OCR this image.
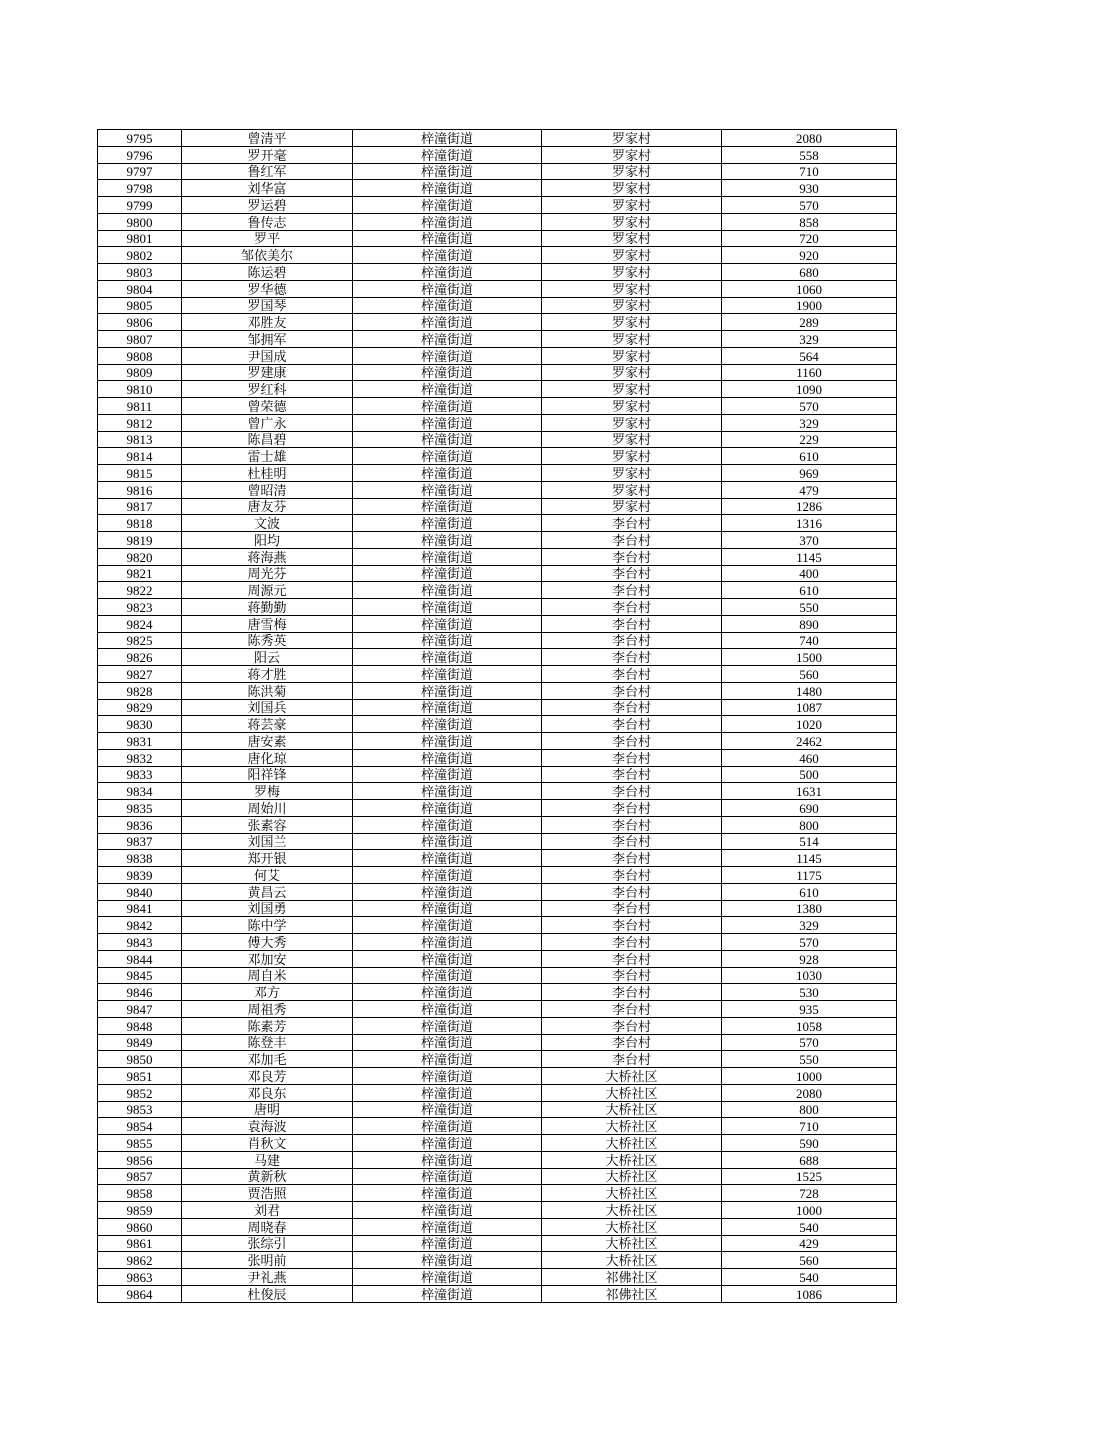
9795	曾清平	梓潼街道	罗家村	2080
9796	罗开毫	梓潼街道	罗家村	558
9797	鲁红军	梓潼街道	罗家村	710
9798	刘华富	梓潼街道	罗家村	930
9799	罗运碧	梓潼街道	罗家村	570
9800	鲁传志	梓潼街道	罗家村	858
9801	罗平	梓潼街道	罗家村	720
9802	邹依美尔	梓潼街道	罗家村	920
9803	陈运碧	梓潼街道	罗家村	680
9804	罗华德	梓潼街道	罗家村	1060
9805	罗国琴	梓潼街道	罗家村	1900
9806	邓胜友	梓潼街道	罗家村	289
9807	邹拥军	梓潼街道	罗家村	329
9808	尹国成	梓潼街道	罗家村	564
9809	罗建康	梓潼街道	罗家村	1160
9810	罗红科	梓潼街道	罗家村	1090
9811	曾荣德	梓潼街道	罗家村	570
9812	曾广永	梓潼街道	罗家村	329
9813	陈昌碧	梓潼街道	罗家村	229
9814	雷士雄	梓潼街道	罗家村	610
9815	杜桂明	梓潼街道	罗家村	969
9816	曾昭清	梓潼街道	罗家村	479
9817	唐友芬	梓潼街道	罗家村	1286
9818	文波	梓潼街道	李台村	1316
9819	阳均	梓潼街道	李台村	370
9820	蒋海燕	梓潼街道	李台村	1145
9821	周光芬	梓潼街道	李台村	400
9822	周源元	梓潼街道	李台村	610
9823	蒋勤勤	梓潼街道	李台村	550
9824	唐雪梅	梓潼街道	李台村	890
9825	陈秀英	梓潼街道	李台村	740
9826	阳云	梓潼街道	李台村	1500
9827	蒋才胜	梓潼街道	李台村	560
9828	陈洪菊	梓潼街道	李台村	1480
9829	刘国兵	梓潼街道	李台村	1087
9830	蒋芸豪	梓潼街道	李台村	1020
9831	唐安素	梓潼街道	李台村	2462
9832	唐化琼	梓潼街道	李台村	460
9833	阳祥锋	梓潼街道	李台村	500
9834	罗梅	梓潼街道	李台村	1631
9835	周始川	梓潼街道	李台村	690
9836	张素容	梓潼街道	李台村	800
9837	刘国兰	梓潼街道	李台村	514
9838	郑开银	梓潼街道	李台村	1145
9839	何艾	梓潼街道	李台村	1175
9840	黄昌云	梓潼街道	李台村	610
9841	刘国勇	梓潼街道	李台村	1380
9842	陈中学	梓潼街道	李台村	329
9843	傅大秀	梓潼街道	李台村	570
9844	邓加安	梓潼街道	李台村	928
9845	周自米	梓潼街道	李台村	1030
9846	邓方	梓潼街道	李台村	530
9847	周祖秀	梓潼街道	李台村	935
9848	陈素芳	梓潼街道	李台村	1058
9849	陈登丰	梓潼街道	李台村	570
9850	邓加毛	梓潼街道	李台村	550
9851	邓良芳	梓潼街道	大桥社区	1000
9852	邓良东	梓潼街道	大桥社区	2080
9853	唐明	梓潼街道	大桥社区	800
9854	袁海波	梓潼街道	大桥社区	710
9855	肖秋文	梓潼街道	大桥社区	590
9856	马建	梓潼街道	大桥社区	688
9857	黄新秋	梓潼街道	大桥社区	1525
9858	贾浩照	梓潼街道	大桥社区	728
9859	刘君	梓潼街道	大桥社区	1000
9860	周晓春	梓潼街道	大桥社区	540
9861	张综引	梓潼街道	大桥社区	429
9862	张明前	梓潼街道	大桥社区	560
9863	尹礼燕	梓潼街道	祁佛社区	540
9864	杜俊辰	梓潼街道	祁佛社区	1086
